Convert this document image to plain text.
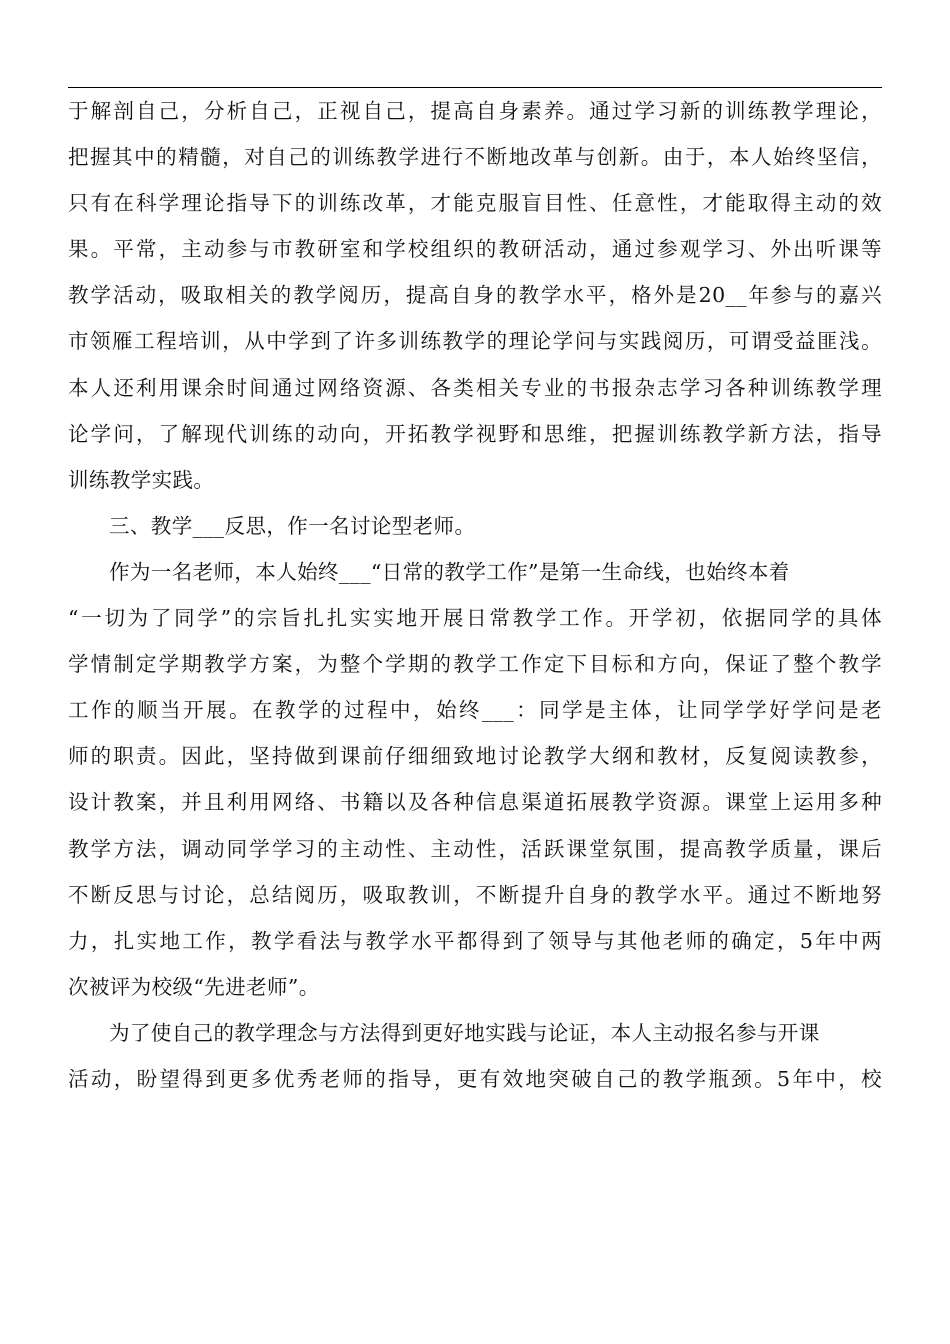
于解剖自己，分析自己，正视自己，提高自身素养。通过学习新的训练教学理论，
把握其中的精髓，对自己的训练教学进行不断地改革与创新。由于，本人始终坚信，
只有在科学理论指导下的训练改革，才能克服盲目性、任意性，才能取得主动的效
果。平常，主动参与市教研室和学校组织的教研活动，通过参观学习、外出听课等
教学活动，吸取相关的教学阅历，提高自身的教学水平，格外是20__年参与的嘉兴
市领雁工程培训，从中学到了许多训练教学的理论学问与实践阅历，可谓受益匪浅。
本人还利用课余时间通过网络资源、各类相关专业的书报杂志学习各种训练教学理
论学问，了解现代训练的动向，开拓教学视野和思维，把握训练教学新方法，指导
训练教学实践。
三、教学___反思，作一名讨论型老师。
作为一名老师，本人始终___“日常的教学工作”是第一生命线，也始终本着
“一切为了同学”的宗旨扎扎实实地开展日常教学工作。开学初，依据同学的具体
学情制定学期教学方案，为整个学期的教学工作定下目标和方向，保证了整个教学
工作的顺当开展。在教学的过程中，始终___：同学是主体，让同学学好学问是老
师的职责。因此，坚持做到课前仔细细致地讨论教学大纲和教材，反复阅读教参，
设计教案，并且利用网络、书籍以及各种信息渠道拓展教学资源。课堂上运用多种
教学方法，调动同学学习的主动性、主动性，活跃课堂氛围，提高教学质量，课后
不断反思与讨论，总结阅历，吸取教训，不断提升自身的教学水平。通过不断地努
力，扎实地工作，教学看法与教学水平都得到了领导与其他老师的确定，5年中两
次被评为校级“先进老师”。
为了使自己的教学理念与方法得到更好地实践与论证，本人主动报名参与开课
活动，盼望得到更多优秀老师的指导，更有效地突破自己的教学瓶颈。5年中，校
